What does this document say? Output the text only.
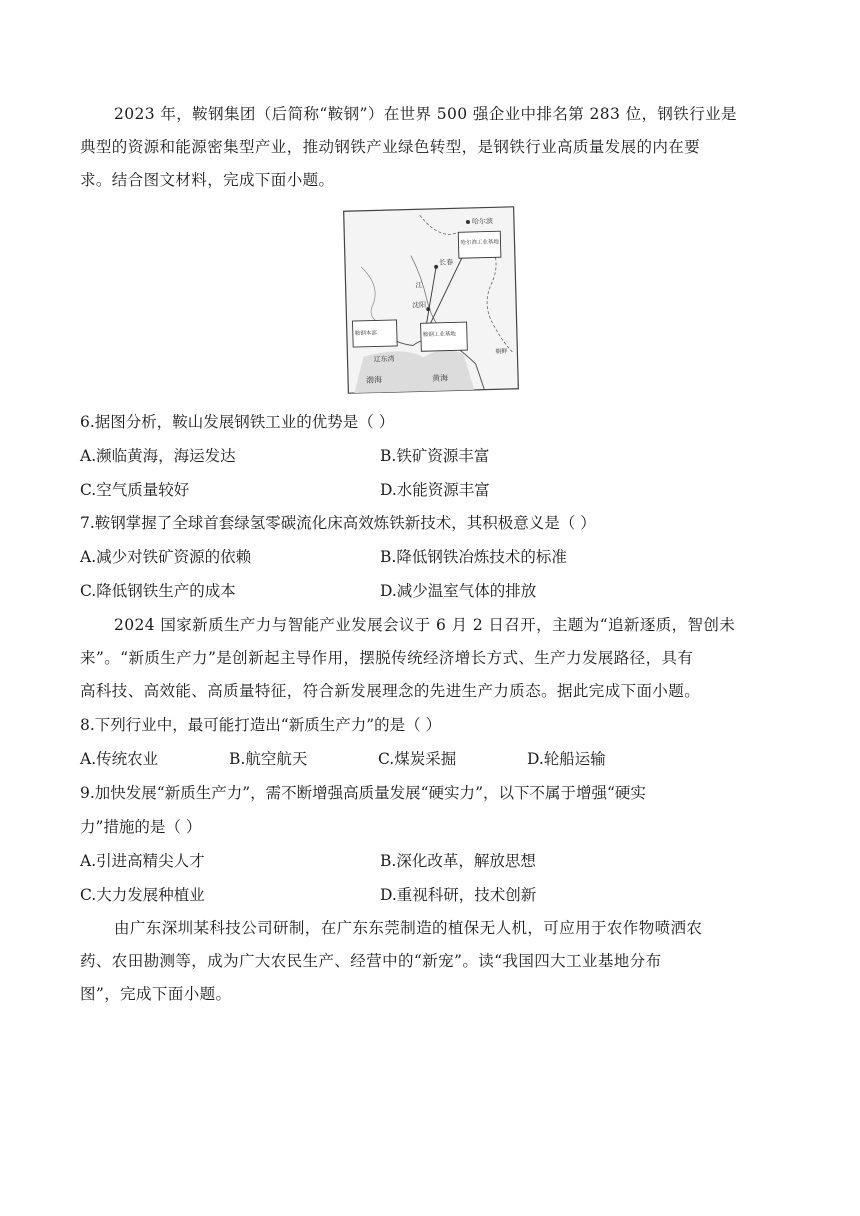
2023 年，鞍钢集团（后简称“鞍钢”）在世界 500 强企业中排名第 283 位，钢铁行业是
典型的资源和能源密集型产业，推动钢铁产业绿色转型，是钢铁行业高质量发展的内在要
求。结合图文材料，完成下面小题。
哈尔滨
哈尔滨工业基地
长春
江
沈阳
鞍钢本部	鞍钢工业基地
辽东湾
渤海	黄海
朝鲜
6.据图分析，鞍山发展钢铁工业的优势是（ ）
A.濒临黄海，海运发达	B.铁矿资源丰富
C.空气质量较好	D.水能资源丰富
7.鞍钢掌握了全球首套绿氢零碳流化床高效炼铁新技术，其积极意义是（ ）
A.减少对铁矿资源的依赖	B.降低钢铁冶炼技术的标准
C.降低钢铁生产的成本	D.减少温室气体的排放
2024 国家新质生产力与智能产业发展会议于 6 月 2 日召开，主题为“追新逐质，智创未
来”。“新质生产力”是创新起主导作用，摆脱传统经济增长方式、生产力发展路径，具有
高科技、高效能、高质量特征，符合新发展理念的先进生产力质态。据此完成下面小题。
8.下列行业中，最可能打造出“新质生产力”的是（ ）
A.传统农业	B.航空航天	C.煤炭采掘	D.轮船运输
9.加快发展“新质生产力”，需不断增强高质量发展“硬实力”，以下不属于增强“硬实
力”措施的是（ ）
A.引进高精尖人才	B.深化改革，解放思想
C.大力发展种植业	D.重视科研，技术创新
由广东深圳某科技公司研制，在广东东莞制造的植保无人机，可应用于农作物喷洒农
药、农田勘测等，成为广大农民生产、经营中的“新宠”。读“我国四大工业基地分布
图”，完成下面小题。
